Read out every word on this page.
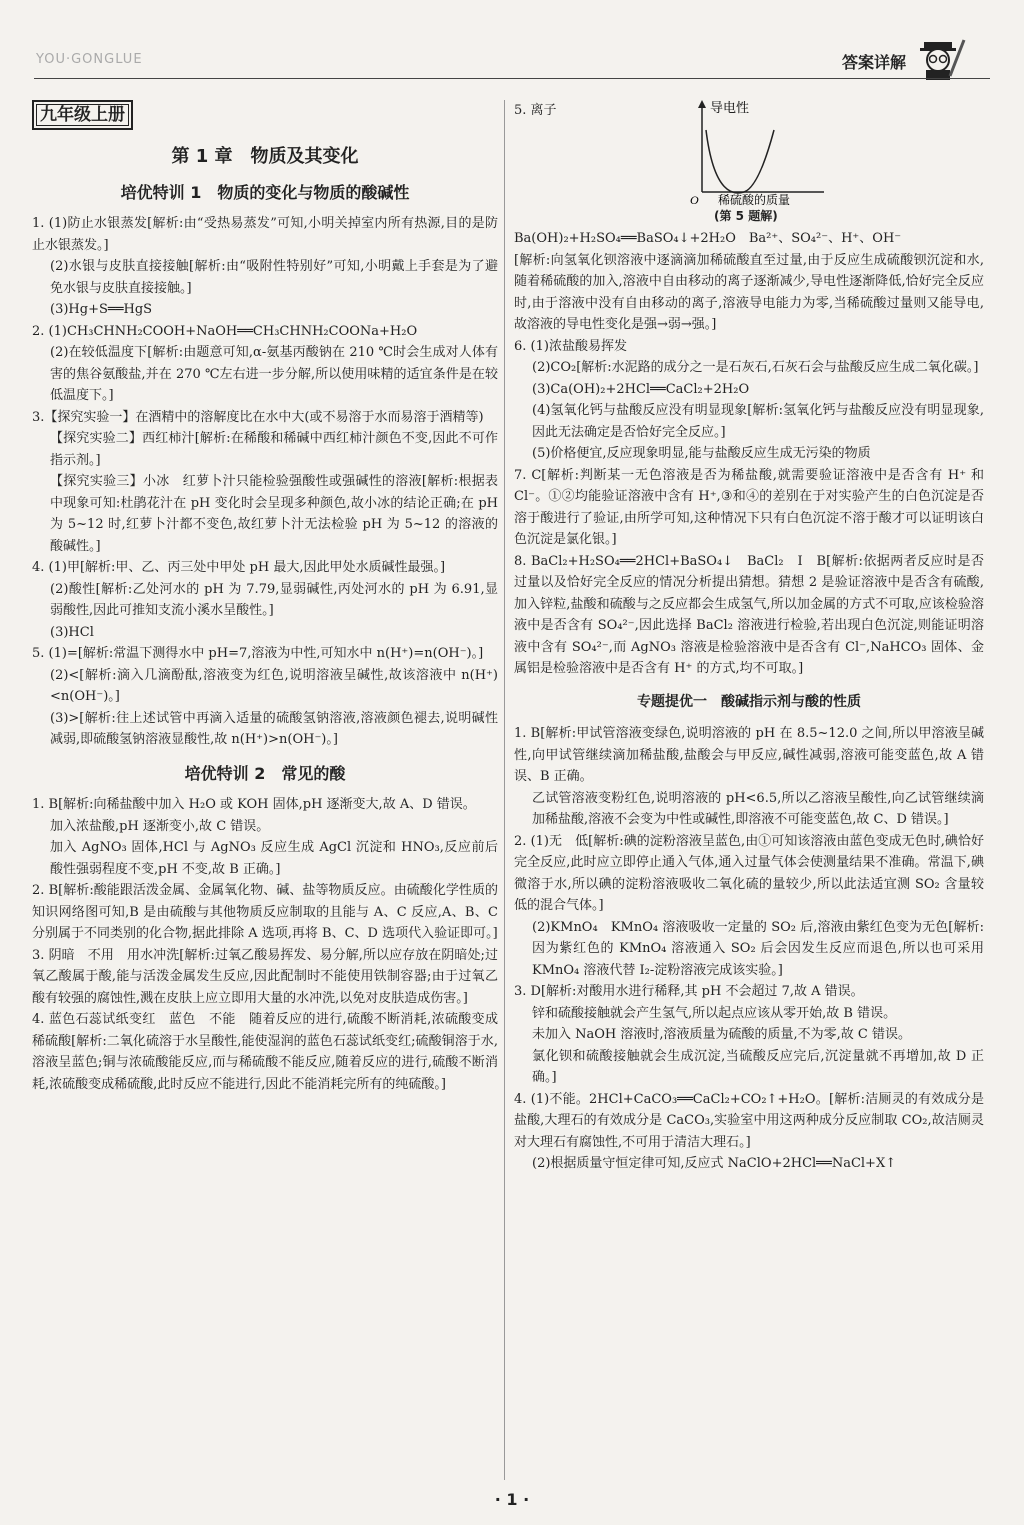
YOU·GONGLUE	答案详解
九年级上册
第 1 章　物质及其变化
培优特训 1　物质的变化与物质的酸碱性

1. (1)防止水银蒸发[解析:由“受热易蒸发”可知,小明关掉室内所有热源,目的是防止水银蒸发。]

(2)水银与皮肤直接接触[解析:由“吸附性特别好”可知,小明戴上手套是为了避免水银与皮肤直接接触。]

(3)Hg+S══HgS

2. (1)CH₃CHNH₂COOH+NaOH══CH₃CHNH₂COONa+H₂O

(2)在较低温度下[解析:由题意可知,α-氨基丙酸钠在 210 ℃时会生成对人体有害的焦谷氨酸盐,并在 270 ℃左右进一步分解,所以使用味精的适宜条件是在较低温度下。]

3.【探究实验一】在酒精中的溶解度比在水中大(或不易溶于水而易溶于酒精等)

【探究实验二】西红柿汁[解析:在稀酸和稀碱中西红柿汁颜色不变,因此不可作指示剂。]

【探究实验三】小冰　红萝卜汁只能检验强酸性或强碱性的溶液[解析:根据表中现象可知:杜鹃花汁在 pH 变化时会呈现多种颜色,故小冰的结论正确;在 pH 为 5~12 时,红萝卜汁都不变色,故红萝卜汁无法检验 pH 为 5~12 的溶液的酸碱性。]

4. (1)甲[解析:甲、乙、丙三处中甲处 pH 最大,因此甲处水质碱性最强。]

(2)酸性[解析:乙处河水的 pH 为 7.79,显弱碱性,丙处河水的 pH 为 6.91,显弱酸性,因此可推知支流小溪水呈酸性。]

(3)HCl

5. (1)=[解析:常温下测得水中 pH=7,溶液为中性,可知水中 n(H⁺)=n(OH⁻)。]

(2)<[解析:滴入几滴酚酞,溶液变为红色,说明溶液呈碱性,故该溶液中 n(H⁺)<n(OH⁻)。]

(3)>[解析:往上述试管中再滴入适量的硫酸氢钠溶液,溶液颜色褪去,说明碱性减弱,即硫酸氢钠溶液显酸性,故 n(H⁺)>n(OH⁻)。]

培优特训 2　常见的酸

1. B[解析:向稀盐酸中加入 H₂O 或 KOH 固体,pH 逐渐变大,故 A、D 错误。

加入浓盐酸,pH 逐渐变小,故 C 错误。

加入 AgNO₃ 固体,HCl 与 AgNO₃ 反应生成 AgCl 沉淀和 HNO₃,反应前后酸性强弱程度不变,pH 不变,故 B 正确。]

2. B[解析:酸能跟活泼金属、金属氧化物、碱、盐等物质反应。由硫酸化学性质的知识网络图可知,B 是由硫酸与其他物质反应制取的且能与 A、C 反应,A、B、C 分别属于不同类别的化合物,据此排除 A 选项,再将 B、C、D 选项代入验证即可。]

3. 阴暗　不用　用水冲洗[解析:过氧乙酸易挥发、易分解,所以应存放在阴暗处;过氧乙酸属于酸,能与活泼金属发生反应,因此配制时不能使用铁制容器;由于过氧乙酸有较强的腐蚀性,溅在皮肤上应立即用大量的水冲洗,以免对皮肤造成伤害。]

4. 蓝色石蕊试纸变红　蓝色　不能　随着反应的进行,硫酸不断消耗,浓硫酸变成稀硫酸[解析:二氧化硫溶于水呈酸性,能使湿润的蓝色石蕊试纸变红;硫酸铜溶于水,溶液呈蓝色;铜与浓硫酸能反应,而与稀硫酸不能反应,随着反应的进行,硫酸不断消耗,浓硫酸变成稀硫酸,此时反应不能进行,因此不能消耗完所有的纯硫酸。]

5. 离子	导电性
O 稀硫酸的质量
(第 5 题解)

Ba(OH)₂+H₂SO₄══BaSO₄↓+2H₂O　Ba²⁺、SO₄²⁻、H⁺、OH⁻

[解析:向氢氧化钡溶液中逐滴滴加稀硫酸直至过量,由于反应生成硫酸钡沉淀和水,随着稀硫酸的加入,溶液中自由移动的离子逐渐减少,导电性逐渐降低,恰好完全反应时,由于溶液中没有自由移动的离子,溶液导电能力为零,当稀硫酸过量则又能导电,故溶液的导电性变化是强→弱→强。]

6. (1)浓盐酸易挥发

(2)CO₂[解析:水泥路的成分之一是石灰石,石灰石会与盐酸反应生成二氧化碳。]

(3)Ca(OH)₂+2HCl══CaCl₂+2H₂O

(4)氢氧化钙与盐酸反应没有明显现象[解析:氢氧化钙与盐酸反应没有明显现象,因此无法确定是否恰好完全反应。]

(5)价格便宜,反应现象明显,能与盐酸反应生成无污染的物质

7. C[解析:判断某一无色溶液是否为稀盐酸,就需要验证溶液中是否含有 H⁺ 和 Cl⁻。①②均能验证溶液中含有 H⁺,③和④的差别在于对实验产生的白色沉淀是否溶于酸进行了验证,由所学可知,这种情况下只有白色沉淀不溶于酸才可以证明该白色沉淀是氯化银。]

8. BaCl₂+H₂SO₄══2HCl+BaSO₄↓　BaCl₂　Ⅰ　B[解析:依据两者反应时是否过量以及恰好完全反应的情况分析提出猜想。猜想 2 是验证溶液中是否含有硫酸,加入锌粒,盐酸和硫酸与之反应都会生成氢气,所以加金属的方式不可取,应该检验溶液中是否含有 SO₄²⁻,因此选择 BaCl₂ 溶液进行检验,若出现白色沉淀,则能证明溶液中含有 SO₄²⁻,而 AgNO₃ 溶液是检验溶液中是否含有 Cl⁻,NaHCO₃ 固体、金属铝是检验溶液中是否含有 H⁺ 的方式,均不可取。]

专题提优一　酸碱指示剂与酸的性质

1. B[解析:甲试管溶液变绿色,说明溶液的 pH 在 8.5~12.0 之间,所以甲溶液呈碱性,向甲试管继续滴加稀盐酸,盐酸会与甲反应,碱性减弱,溶液可能变蓝色,故 A 错误、B 正确。

乙试管溶液变粉红色,说明溶液的 pH<6.5,所以乙溶液呈酸性,向乙试管继续滴加稀盐酸,溶液不会变为中性或碱性,即溶液不可能变蓝色,故 C、D 错误。]

2. (1)无　低[解析:碘的淀粉溶液呈蓝色,由①可知该溶液由蓝色变成无色时,碘恰好完全反应,此时应立即停止通入气体,通入过量气体会使测量结果不准确。常温下,碘微溶于水,所以碘的淀粉溶液吸收二氧化硫的量较少,所以此法适宜测 SO₂ 含量较低的混合气体。]

(2)KMnO₄　KMnO₄ 溶液吸收一定量的 SO₂ 后,溶液由紫红色变为无色[解析:因为紫红色的 KMnO₄ 溶液通入 SO₂ 后会因发生反应而退色,所以也可采用 KMnO₄ 溶液代替 I₂-淀粉溶液完成该实验。]

3. D[解析:对酸用水进行稀释,其 pH 不会超过 7,故 A 错误。

锌和硫酸接触就会产生氢气,所以起点应该从零开始,故 B 错误。

未加入 NaOH 溶液时,溶液质量为硫酸的质量,不为零,故 C 错误。

氯化钡和硫酸接触就会生成沉淀,当硫酸反应完后,沉淀量就不再增加,故 D 正确。]

4. (1)不能。2HCl+CaCO₃══CaCl₂+CO₂↑+H₂O。[解析:洁厕灵的有效成分是盐酸,大理石的有效成分是 CaCO₃,实验室中用这两种成分反应制取 CO₂,故洁厕灵对大理石有腐蚀性,不可用于清洁大理石。]

(2)根据质量守恒定律可知,反应式 NaClO+2HCl══NaCl+X↑

· 1 ·
